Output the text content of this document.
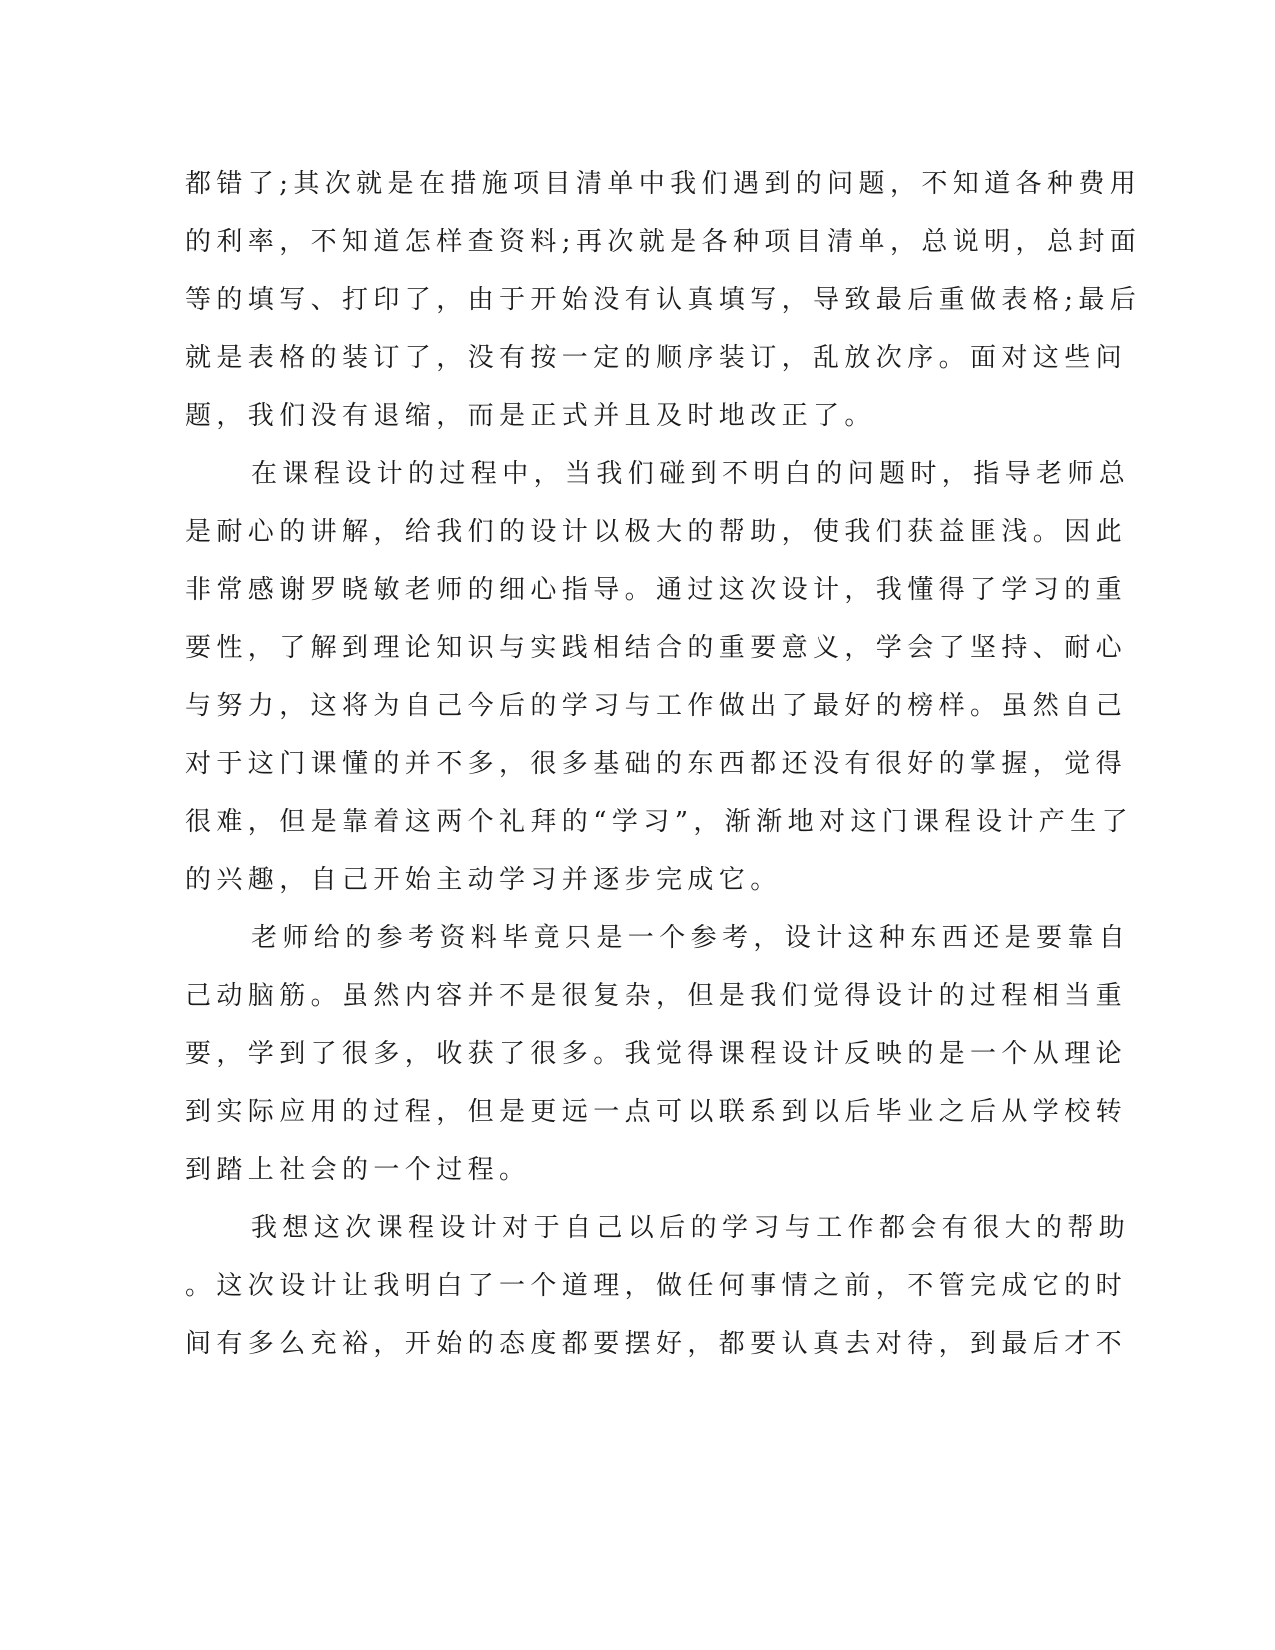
都错了;其次就是在措施项目清单中我们遇到的问题，不知道各种费用
的利率，不知道怎样查资料;再次就是各种项目清单，总说明，总封面
等的填写、打印了，由于开始没有认真填写，导致最后重做表格;最后
就是表格的装订了，没有按一定的顺序装订，乱放次序。面对这些问
题，我们没有退缩，而是正式并且及时地改正了。
在课程设计的过程中，当我们碰到不明白的问题时，指导老师总
是耐心的讲解，给我们的设计以极大的帮助，使我们获益匪浅。因此
非常感谢罗晓敏老师的细心指导。通过这次设计，我懂得了学习的重
要性，了解到理论知识与实践相结合的重要意义，学会了坚持、耐心
与努力，这将为自己今后的学习与工作做出了最好的榜样。虽然自己
对于这门课懂的并不多，很多基础的东西都还没有很好的掌握，觉得
很难，但是靠着这两个礼拜的“学习”，渐渐地对这门课程设计产生了
的兴趣，自己开始主动学习并逐步完成它。
老师给的参考资料毕竟只是一个参考，设计这种东西还是要靠自
己动脑筋。虽然内容并不是很复杂，但是我们觉得设计的过程相当重
要，学到了很多，收获了很多。我觉得课程设计反映的是一个从理论
到实际应用的过程，但是更远一点可以联系到以后毕业之后从学校转
到踏上社会的一个过程。
我想这次课程设计对于自己以后的学习与工作都会有很大的帮助
。这次设计让我明白了一个道理，做任何事情之前，不管完成它的时
间有多么充裕，开始的态度都要摆好，都要认真去对待，到最后才不
